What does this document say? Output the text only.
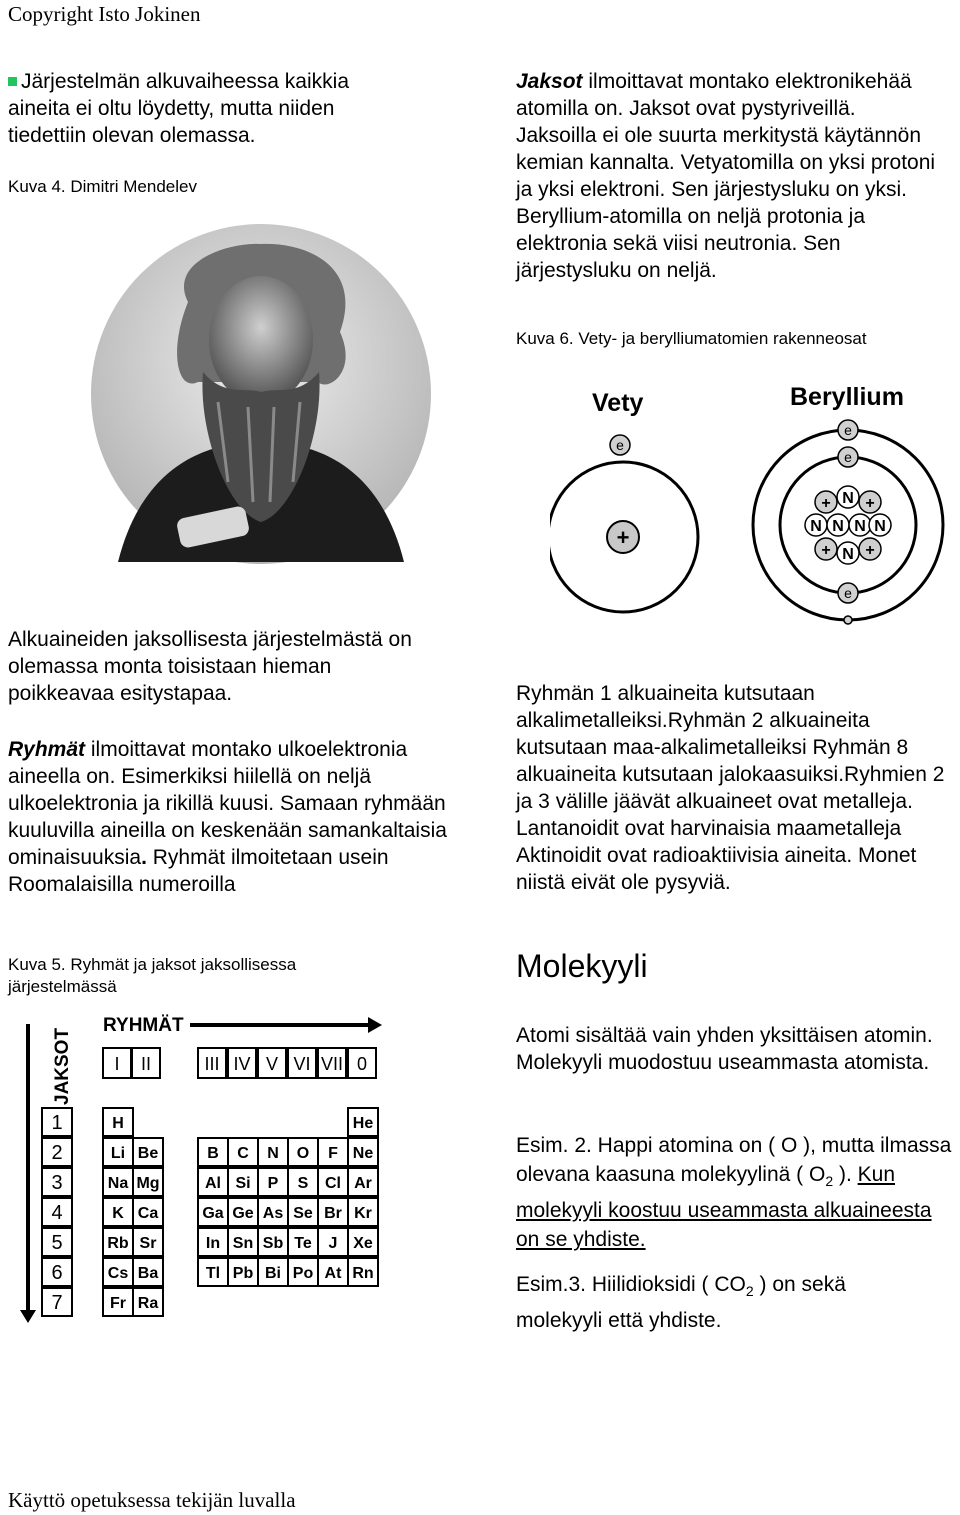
Copyright Isto Jokinen
Järjestelmän alkuvaiheessa kaikkia aineita ei oltu löydetty, mutta niiden tiedettiin olevan olemassa.
Kuva 4. Dimitri Mendelev
Jaksot ilmoittavat montako elektronikehää atomilla on. Jaksot ovat pystyriveillä. Jaksoilla ei ole suurta merkitystä käytännön kemian kannalta. Vetyatomilla on yksi protoni ja yksi elektroni. Sen järjestysluku on yksi. Beryllium-atomilla on neljä protonia ja elektronia sekä viisi neutronia. Sen järjestysluku on neljä.
Kuva 6. Vety- ja berylliumatomien rakenneosat
Vety	Beryllium
+
e
e
e
e
+ N +
N N N N
+ N +
Alkuaineiden jaksollisesta järjestelmästä on olemassa monta toisistaan hieman poikkeavaa esitystapaa.
Ryhmät ilmoittavat montako ulkoelektronia aineella on. Esimerkiksi hiilellä on neljä ulkoelektronia ja rikillä kuusi. Samaan ryhmään kuuluvilla aineilla on keskenään samankaltaisia ominaisuuksia. Ryhmät ilmoitetaan usein Roomalaisilla numeroilla
Kuva 5. Ryhmät ja jaksot jaksollisessa
järjestelmässä
RYHMÄT
JAKSOT I II	III IV V VI VII 0
1
2
3
4
5
6
7
H
Li Be
Na Mg
K Ca
Rb Sr
Cs Ba
Fr Ra
He
B C N O F Ne
Al Si P S Cl Ar
Ga Ge As Se Br Kr
In Sn Sb Te J Xe
Tl Pb Bi Po At Rn
Ryhmän 1 alkuaineita kutsutaan alkalimetalleiksi.Ryhmän 2 alkuaineita kutsutaan maa-alkalimetalleiksi Ryhmän 8 alkuaineita kutsutaan jalokaasuiksi.Ryhmien 2 ja 3 välille jäävät alkuaineet ovat metalleja. Lantanoidit ovat harvinaisia maametalleja Aktinoidit ovat radioaktiivisia aineita. Monet niistä eivät ole pysyviä.
Molekyyli
Atomi sisältää vain yhden yksittäisen atomin. Molekyyli muodostuu useammasta atomista.
Esim. 2. Happi atomina on ( O ), mutta ilmassa olevana kaasuna molekyylinä ( $O_2$ ). Kun molekyyli koostuu useammasta alkuaineesta on se yhdiste.
Esim.3. Hiilidioksidi ( $CO_2$ ) on sekä molekyyli että yhdiste.
Käyttö opetuksessa tekijän luvalla
